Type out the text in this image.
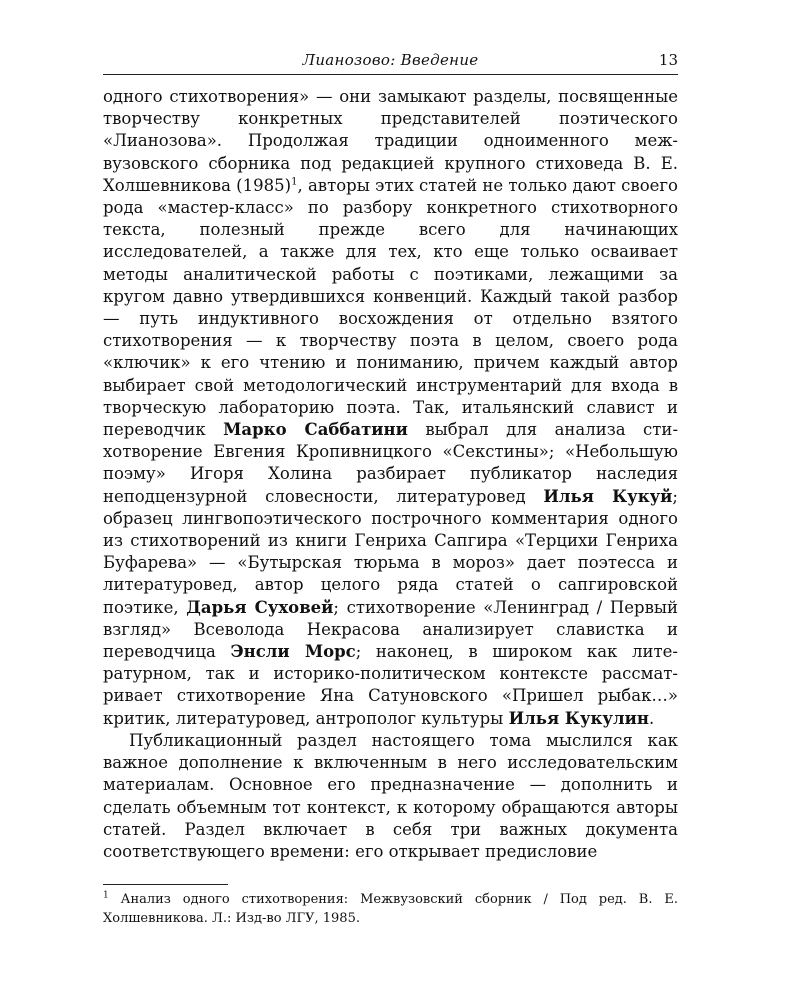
Лианозово: Введение	13

одного стихотворения» — они замыкают разделы, посвященные творчеству конкретных представителей поэтического «Лианозова». Продолжая традиции одноименного межвузовского сборника под редакцией крупного стиховеда В. Е. Холшевникова $(1985)^1$, авторы этих статей не только дают своего рода «мастер-класс» по разбору конкретного стихотворного текста, полезный прежде всего для начинающих исследователей, а также для тех, кто еще только осваивает методы аналитической работы с поэтиками, лежащими за кругом давно утвердившихся конвенций. Каждый такой разбор — путь индуктивного восхождения от отдельно взятого стихотворения — к творчеству поэта в целом, своего рода «ключик» к его чтению и пониманию, причем каждый автор выбирает свой методологический инструментарий для входа в творческую лабораторию поэта. Так, итальянский славист и переводчик Марко Саббатини выбрал для анализа стихотворение Евгения Кропивницкого «Секстины»; «Небольшую поэму» Игоря Холина разбирает публикатор наследия неподцензурной словесности, литературовед Илья Кукуй; образец лингвопоэтического построчного комментария одного из стихотворений из книги Генриха Сапгира «Терцихи Генриха Буфарева» — «Бутырская тюрьма в мороз» дает поэтесса и литературовед, автор целого ряда статей о сапгировской поэтике, Дарья Суховей; стихотворение «Ленинград / Первый взгляд» Всеволода Некрасова анализирует славистка и переводчица Энсли Морс; наконец, в широком как литературном, так и историко-политическом контексте рассматривает стихотворение Яна Сатуновского «Пришел рыбак…» критик, литературовед, антрополог культуры Илья Кукулин.

Публикационный раздел настоящего тома мыслился как важное дополнение к включенным в него исследовательским материалам. Основное его предназначение — дополнить и сделать объемным тот контекст, к которому обращаются авторы статей. Раздел включает в себя три важных документа соответствующего времени: его открывает предисловие

$^1$ Анализ одного стихотворения: Межвузовский сборник / Под ред. В. Е. Холшевникова. Л.: Изд-во ЛГУ, 1985.
